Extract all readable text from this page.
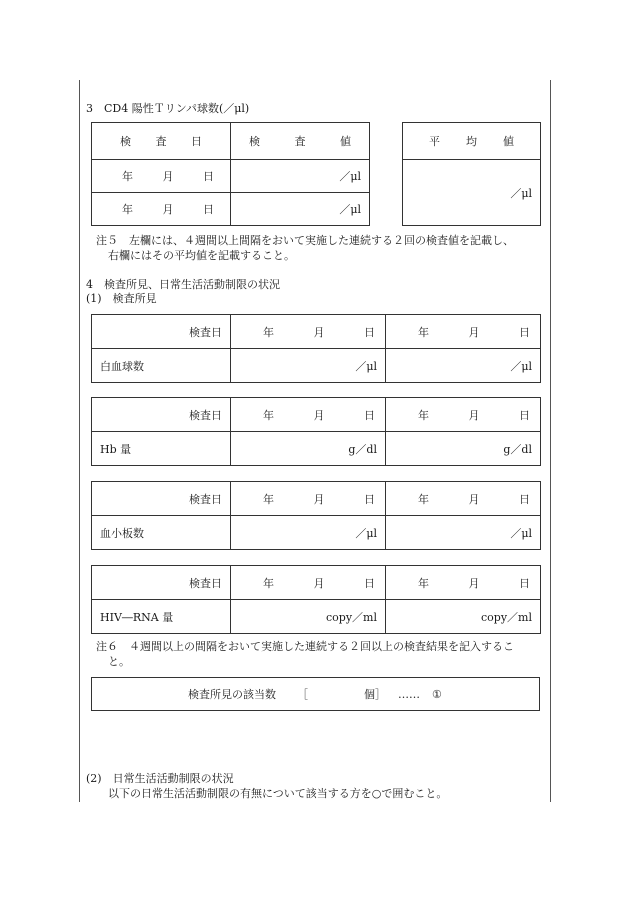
3　CD4 陽性Ｔリンパ球数(／μl)
検 査 日	検 査 値

年 月 日	／μl

年 月 日	／μl
平 均 値

／μl
注５　左欄には、４週間以上間隔をおいて実施した連続する２回の検査値を記載し、
右欄にはその平均値を記載すること。
4　検査所見、日常生活活動制限の状況
(1)　検査所見
検査日	年 月 日	年 月 日

白血球数	／μl	／μl
検査日	年 月 日	年 月 日

Hb 量	g／dl	g／dl
検査日	年 月 日	年 月 日

血小板数	／μl	／μl
検査日	年 月 日	年 月 日

HIV―RNA 量	copy／ml	copy／ml
注６　４週間以上の間隔をおいて実施した連続する２回以上の検査結果を記入するこ
と。
検査所見の該当数 ［	個］ …… ①
(2)　日常生活活動制限の状況
以下の日常生活活動制限の有無について該当する方を○で囲むこと。
